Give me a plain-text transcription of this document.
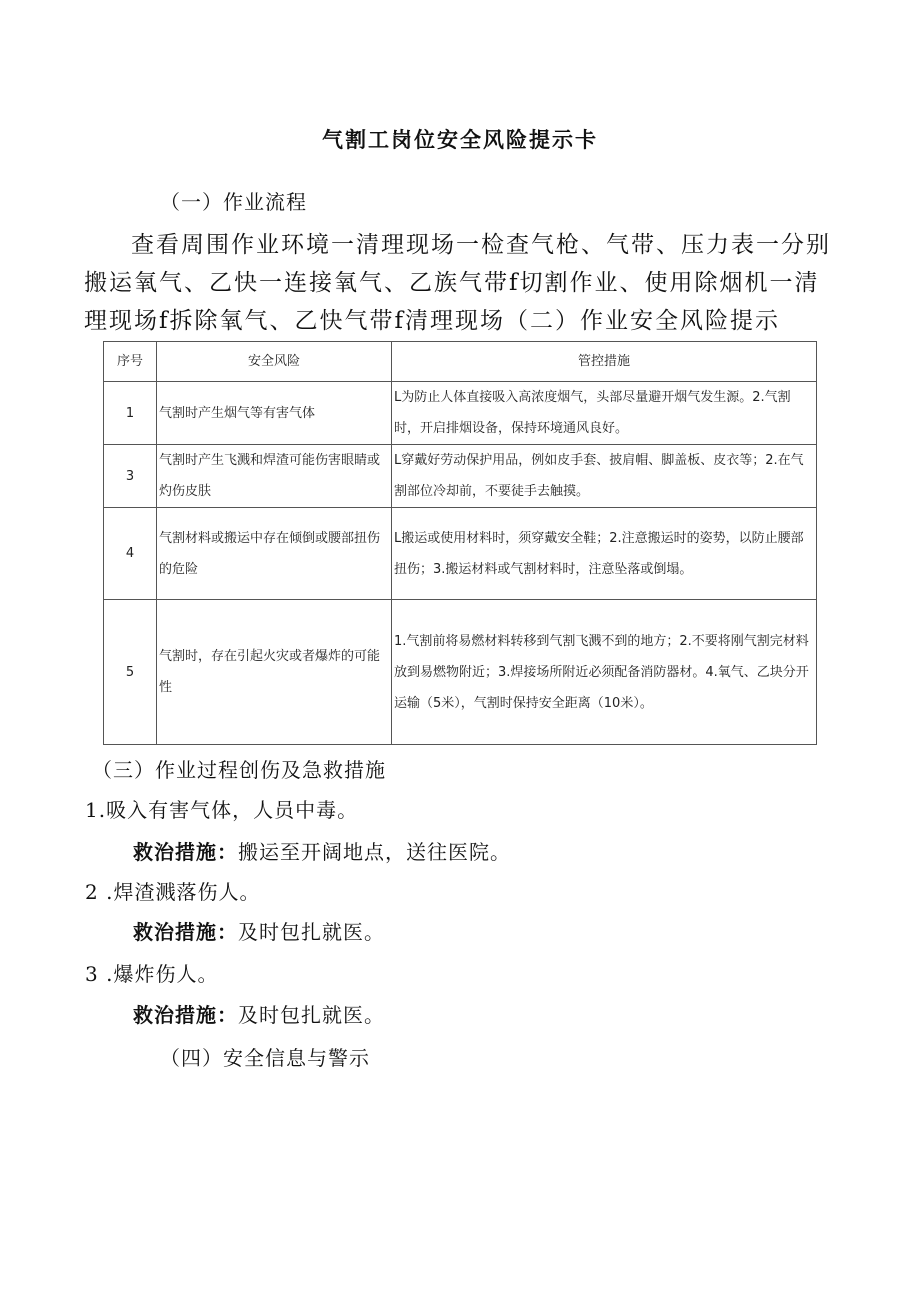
气割工岗位安全风险提示卡
（一）作业流程
查看周围作业环境一清理现场一检查气枪、气带、压力表一分别
搬运氧气、乙快一连接氧气、乙族气带f切割作业、使用除烟机一清
理现场f拆除氧气、乙快气带f清理现场（二）作业安全风险提示
序号	安全风险	管控措施
1	气割时产生烟气等有害气体	L为防止人体直接吸入高浓度烟气，头部尽量避开烟气发生源。2.气割时，开启排烟设备，保持环境通风良好。
3	气割时产生飞溅和焊渣可能伤害眼睛或灼伤皮肤	L穿戴好劳动保护用品，例如皮手套、披肩帽、脚盖板、皮衣等；2.在气割部位冷却前，不要徒手去触摸。
4	气割材料或搬运中存在倾倒或腰部扭伤的危险	L搬运或使用材料时，须穿戴安全鞋；2.注意搬运时的姿势，以防止腰部扭伤；3.搬运材料或气割材料时，注意坠落或倒塌。
5	气割时，存在引起火灾或者爆炸的可能性	1.气割前将易燃材料转移到气割飞溅不到的地方；2.不要将刚气割完材料放到易燃物附近；3.焊接场所附近必须配备消防器材。4.氧气、乙块分开运输（5米），气割时保持安全距离（10米）。
（三）作业过程创伤及急救措施
1.吸入有害气体，人员中毒。
救治措施：搬运至开阔地点，送往医院。
2 .焊渣溅落伤人。
救治措施：及时包扎就医。
3 .爆炸伤人。
救治措施：及时包扎就医。
（四）安全信息与警示
